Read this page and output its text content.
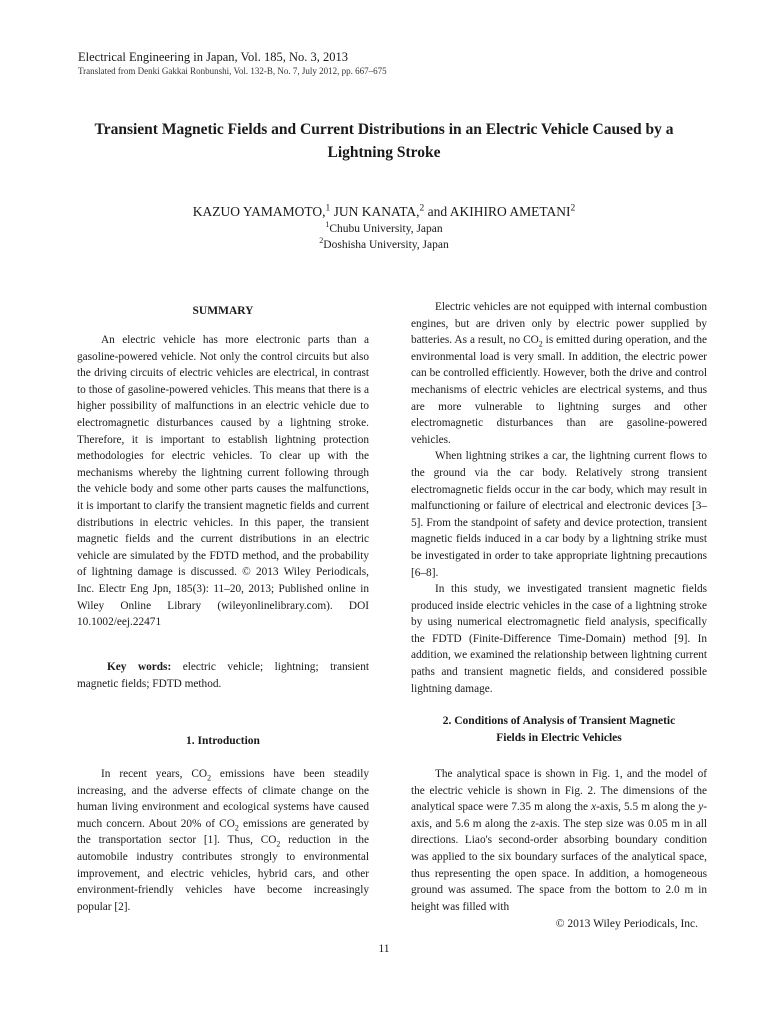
Electrical Engineering in Japan, Vol. 185, No. 3, 2013
Translated from Denki Gakkai Ronbunshi, Vol. 132-B, No. 7, July 2012, pp. 667–675
Transient Magnetic Fields and Current Distributions in an Electric Vehicle Caused by a Lightning Stroke
KAZUO YAMAMOTO,$^1$ JUN KANATA,$^2$ and AKIHIRO AMETANI$^2$
$^1$Chubu University, Japan
$^2$Doshisha University, Japan
SUMMARY

An electric vehicle has more electronic parts than a gasoline-powered vehicle. Not only the control circuits but also the driving circuits of electric vehicles are electrical, in contrast to those of gasoline-powered vehicles. This means that there is a higher possibility of malfunctions in an electric vehicle due to electromagnetic disturbances caused by a lightning stroke. Therefore, it is important to establish lightning protection methodologies for electric vehicles. To clear up with the mechanisms whereby the lightning current following through the vehicle body and some other parts causes the malfunctions, it is important to clarify the transient magnetic fields and current distributions in electric vehicles. In this paper, the transient magnetic fields and the current distributions in an electric vehicle are simulated by the FDTD method, and the probability of lightning damage is discussed. © 2013 Wiley Periodicals, Inc. Electr Eng Jpn, 185(3): 11–20, 2013; Published online in Wiley Online Library (wileyonlinelibrary.com). DOI 10.1002/eej.22471

Key words: electric vehicle; lightning; transient magnetic fields; FDTD method.

1. Introduction

In recent years, $CO_2$ emissions have been steadily increasing, and the adverse effects of climate change on the human living environment and ecological systems have caused much concern. About 20% of $CO_2$ emissions are generated by the transportation sector [1]. Thus, $CO_2$ reduction in the automobile industry contributes strongly to environmental improvement, and electric vehicles, hybrid cars, and other environment-friendly vehicles have become increasingly popular [2].

Electric vehicles are not equipped with internal combustion engines, but are driven only by electric power supplied by batteries. As a result, no $CO_2$ is emitted during operation, and the environmental load is very small. In addition, the electric power can be controlled efficiently. However, both the drive and control mechanisms of electric vehicles are electrical systems, and thus are more vulnerable to lightning surges and other electromagnetic disturbances than are gasoline-powered vehicles.

When lightning strikes a car, the lightning current flows to the ground via the car body. Relatively strong transient electromagnetic fields occur in the car body, which may result in malfunctioning or failure of electrical and electronic devices [3–5]. From the standpoint of safety and device protection, transient magnetic fields induced in a car body by a lightning strike must be investigated in order to take appropriate lightning precautions [6–8].

In this study, we investigated transient magnetic fields produced inside electric vehicles in the case of a lightning stroke by using numerical electromagnetic field analysis, specifically the FDTD (Finite-Difference Time-Domain) method [9]. In addition, we examined the relationship between lightning current paths and transient magnetic fields, and considered possible lightning damage.

2. Conditions of Analysis of Transient Magnetic
Fields in Electric Vehicles

The analytical space is shown in Fig. 1, and the model of the electric vehicle is shown in Fig. 2. The dimensions of the analytical space were 7.35 m along the x-axis, 5.5 m along the y-axis, and 5.6 m along the z-axis. The step size was 0.05 m in all directions. Liao's second-order absorbing boundary condition was applied to the six boundary surfaces of the analytical space, thus representing the open space. In addition, a homogeneous ground was assumed. The space from the bottom to 2.0 m in height was filled with

© 2013 Wiley Periodicals, Inc.
11
